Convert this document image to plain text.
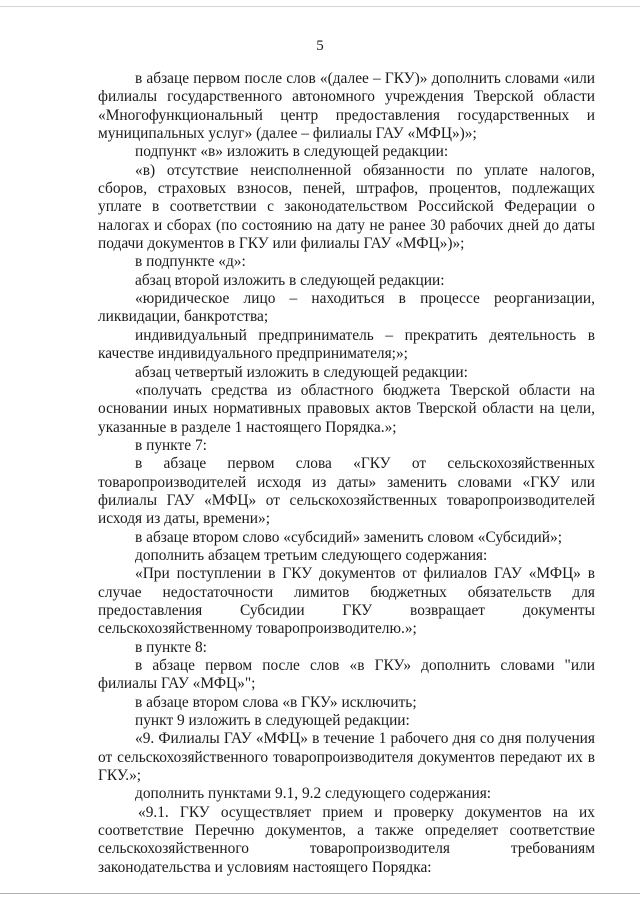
5

в абзаце первом после слов «(далее – ГКУ)» дополнить словами «или филиалы государственного автономного учреждения Тверской области «Многофункциональный центр предоставления государственных и муниципальных услуг» (далее – филиалы ГАУ «МФЦ»)»;

подпункт «в» изложить в следующей редакции:

«в) отсутствие неисполненной обязанности по уплате налогов, сборов, страховых взносов, пеней, штрафов, процентов, подлежащих уплате в соответствии с законодательством Российской Федерации о налогах и сборах (по состоянию на дату не ранее 30 рабочих дней до даты подачи документов в ГКУ или филиалы ГАУ «МФЦ»)»;

в подпункте «д»:

абзац второй изложить в следующей редакции:

«юридическое лицо – находиться в процессе реорганизации, ликвидации, банкротства;

индивидуальный предприниматель – прекратить деятельность в качестве индивидуального предпринимателя;»;

абзац четвертый изложить в следующей редакции:

«получать средства из областного бюджета Тверской области на основании иных нормативных правовых актов Тверской области на цели, указанные в разделе 1 настоящего Порядка.»;

в пункте 7:

в абзаце первом слова «ГКУ от сельскохозяйственных товаропроизводителей исходя из даты» заменить словами «ГКУ или филиалы ГАУ «МФЦ» от сельскохозяйственных товаропроизводителей исходя из даты, времени»;

в абзаце втором слово «субсидий» заменить словом «Субсидий»;

дополнить абзацем третьим следующего содержания:

«При поступлении в ГКУ документов от филиалов ГАУ «МФЦ» в случае недостаточности лимитов бюджетных обязательств для предоставления Субсидии ГКУ возвращает документы сельскохозяйственному товаропроизводителю.»;

в пункте 8:

в абзаце первом после слов «в ГКУ» дополнить словами "или филиалы ГАУ «МФЦ»";

в абзаце втором слова «в ГКУ» исключить;

пункт 9 изложить в следующей редакции:

«9. Филиалы ГАУ «МФЦ» в течение 1 рабочего дня со дня получения от сельскохозяйственного товаропроизводителя документов передают их в ГКУ.»;

дополнить пунктами 9.1, 9.2 следующего содержания:

«9.1. ГКУ осуществляет прием и проверку документов на их соответствие Перечню документов, а также определяет соответствие сельскохозяйственного товаропроизводителя требованиям законодательства и условиям настоящего Порядка:
